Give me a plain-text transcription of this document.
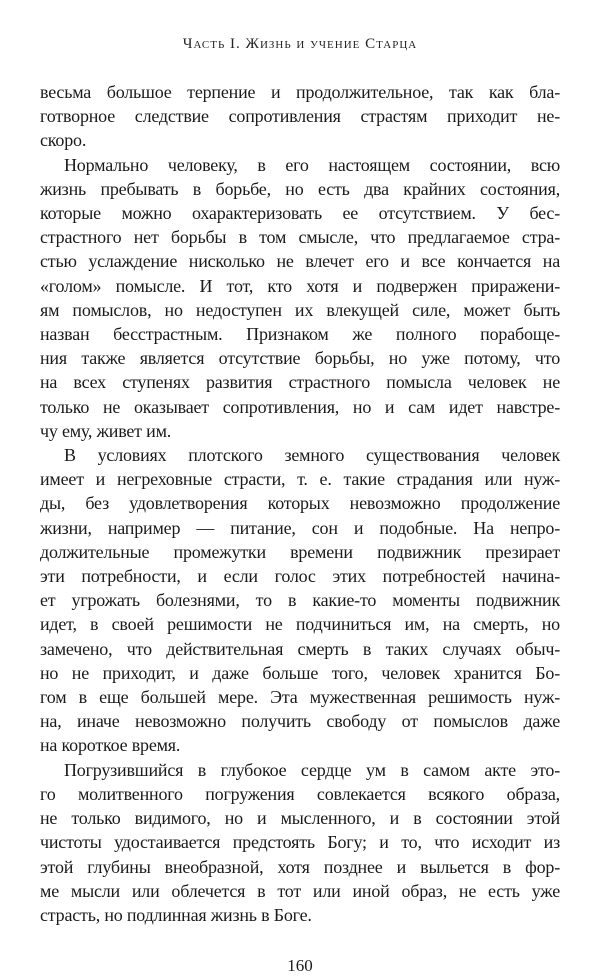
Часть I. Жизнь и учение Старца
весьма большое терпение и продолжительное, так как бла-
готворное следствие сопротивления страстям приходит не-
скоро.
Нормально человеку, в его настоящем состоянии, всю
жизнь пребывать в борьбе, но есть два крайних состояния,
которые можно охарактеризовать ее отсутствием. У бес-
страстного нет борьбы в том смысле, что предлагаемое стра-
стью услаждение нисколько не влечет его и все кончается на
«голом» помысле. И тот, кто хотя и подвержен приражени-
ям помыслов, но недоступен их влекущей силе, может быть
назван бесстрастным. Признаком же полного порабоще-
ния также является отсутствие борьбы, но уже потому, что
на всех ступенях развития страстного помысла человек не
только не оказывает сопротивления, но и сам идет навстре-
чу ему, живет им.
В условиях плотского земного существования человек
имеет и негреховные страсти, т. е. такие страдания или нуж-
ды, без удовлетворения которых невозможно продолжение
жизни, например — питание, сон и подобные. На непро-
должительные промежутки времени подвижник презирает
эти потребности, и если голос этих потребностей начина-
ет угрожать болезнями, то в какие-то моменты подвижник
идет, в своей решимости не подчиниться им, на смерть, но
замечено, что действительная смерть в таких случаях обыч-
но не приходит, и даже больше того, человек хранится Бо-
гом в еще большей мере. Эта мужественная решимость нуж-
на, иначе невозможно получить свободу от помыслов даже
на короткое время.
Погрузившийся в глубокое сердце ум в самом акте это-
го молитвенного погружения совлекается всякого образа,
не только видимого, но и мысленного, и в состоянии этой
чистоты удостаивается предстоять Богу; и то, что исходит из
этой глубины внеобразной, хотя позднее и выльется в фор-
ме мысли или облечется в тот или иной образ, не есть уже
страсть, но подлинная жизнь в Боге.
160
